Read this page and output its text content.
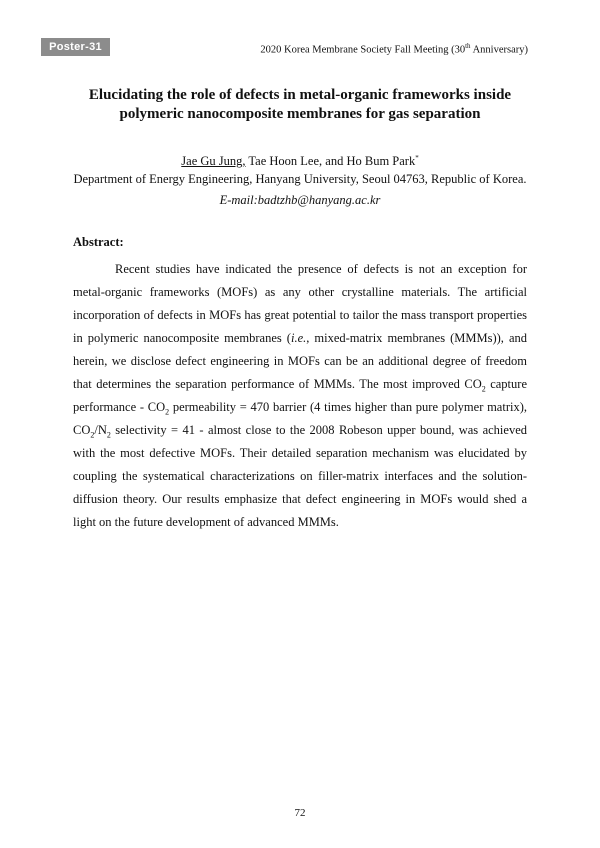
Poster-31	2020 Korea Membrane Society Fall Meeting (30th Anniversary)
Elucidating the role of defects in metal-organic frameworks inside
polymeric nanocomposite membranes for gas separation
Jae Gu Jung, Tae Hoon Lee, and Ho Bum Park*
Department of Energy Engineering, Hanyang University, Seoul 04763, Republic of Korea.
E-mail:badtzhb@hanyang.ac.kr
Abstract:
Recent studies have indicated the presence of defects is not an exception for metal-organic frameworks (MOFs) as any other crystalline materials. The artificial incorporation of defects in MOFs has great potential to tailor the mass transport properties in polymeric nanocomposite membranes (i.e., mixed-matrix membranes (MMMs)), and herein, we disclose defect engineering in MOFs can be an additional degree of freedom that determines the separation performance of MMMs. The most improved $CO_2$ capture performance - $CO_2$ permeability = 470 barrier (4 times higher than pure polymer matrix), $CO_2/N_2$ selectivity = 41 - almost close to the 2008 Robeson upper bound, was achieved with the most defective MOFs. Their detailed separation mechanism was elucidated by coupling the systematical characterizations on filler-matrix interfaces and the solution-diffusion theory. Our results emphasize that defect engineering in MOFs would shed a light on the future development of advanced MMMs.
72
